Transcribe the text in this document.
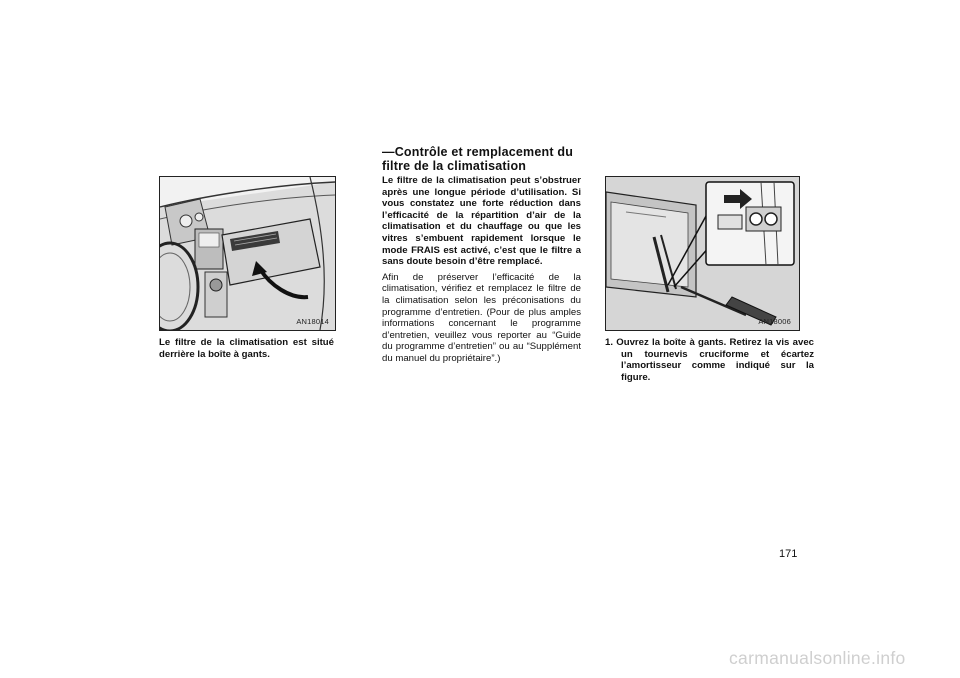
AN18014
Le filtre de la climatisation est situé derrière la boîte à gants.
—Contrôle et remplacement du
filtre de la climatisation

Le filtre de la climatisation peut s’obstruer après une longue période d’utilisation. Si vous constatez une forte réduction dans l’efficacité de la répartition d’air de la climatisation et du chauffage ou que les vitres s’embuent rapidement lorsque le mode FRAIS est activé, c’est que le filtre a sans doute besoin d’être remplacé.

Afin de préserver l’efficacité de la climatisation, vérifiez et remplacez le filtre de la climatisation selon les préconisations du programme d’entretien. (Pour de plus amples informations concernant le programme d’entretien, veuillez vous reporter au “Guide du programme d’entretien” ou au “Supplément du manuel du propriétaire”.)

AN18006
1. Ouvrez la boîte à gants. Retirez la vis avec un tournevis cruciforme et écartez l’amortisseur comme indiqué sur la figure.
171
carmanualsonline.info
